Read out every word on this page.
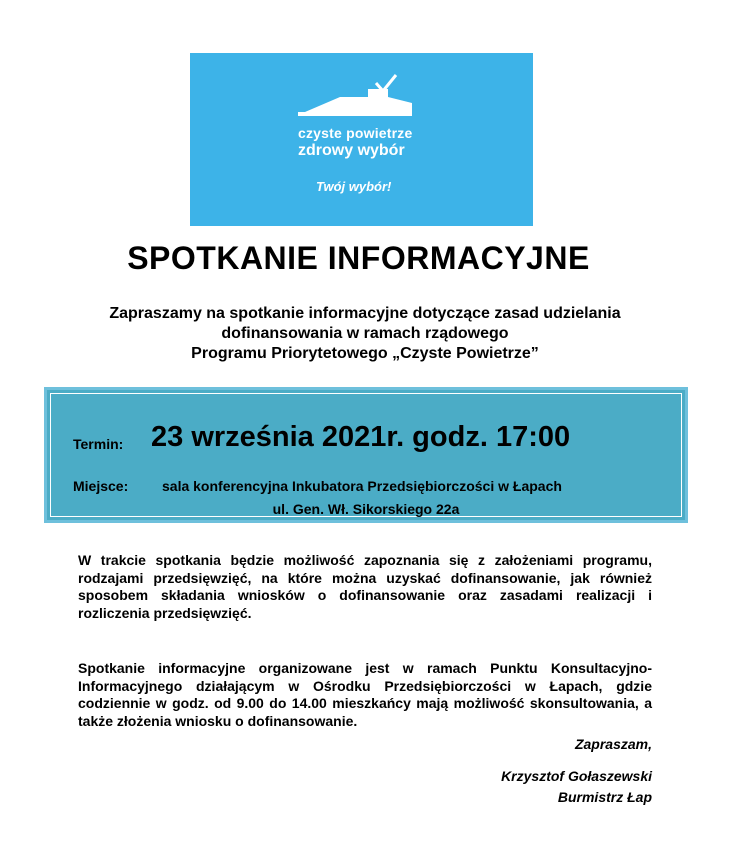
czyste powietrze
zdrowy wybór
Twój wybór!
SPOTKANIE INFORMACYJNE
Zapraszamy na spotkanie informacyjne dotyczące zasad udzielania
dofinansowania w ramach rządowego
Programu Priorytetowego „Czyste Powietrze”
Termin: 23 września 2021r. godz. 17:00
Miejsce: sala konferencyjna Inkubatora Przedsiębiorczości w Łapach
ul. Gen. Wł. Sikorskiego 22a
W trakcie spotkania będzie możliwość zapoznania się z założeniami programu, rodzajami przedsięwzięć, na które można uzyskać dofinansowanie, jak również sposobem składania wniosków o dofinansowanie oraz zasadami realizacji i rozliczenia przedsięwzięć.
Spotkanie informacyjne organizowane jest w ramach Punktu Konsultacyjno-Informacyjnego działającym w Ośrodku Przedsiębiorczości w Łapach, gdzie codziennie w godz. od 9.00 do 14.00 mieszkańcy mają możliwość skonsultowania, a także złożenia wniosku o dofinansowanie.
Zapraszam,
Krzysztof Gołaszewski
Burmistrz Łap
